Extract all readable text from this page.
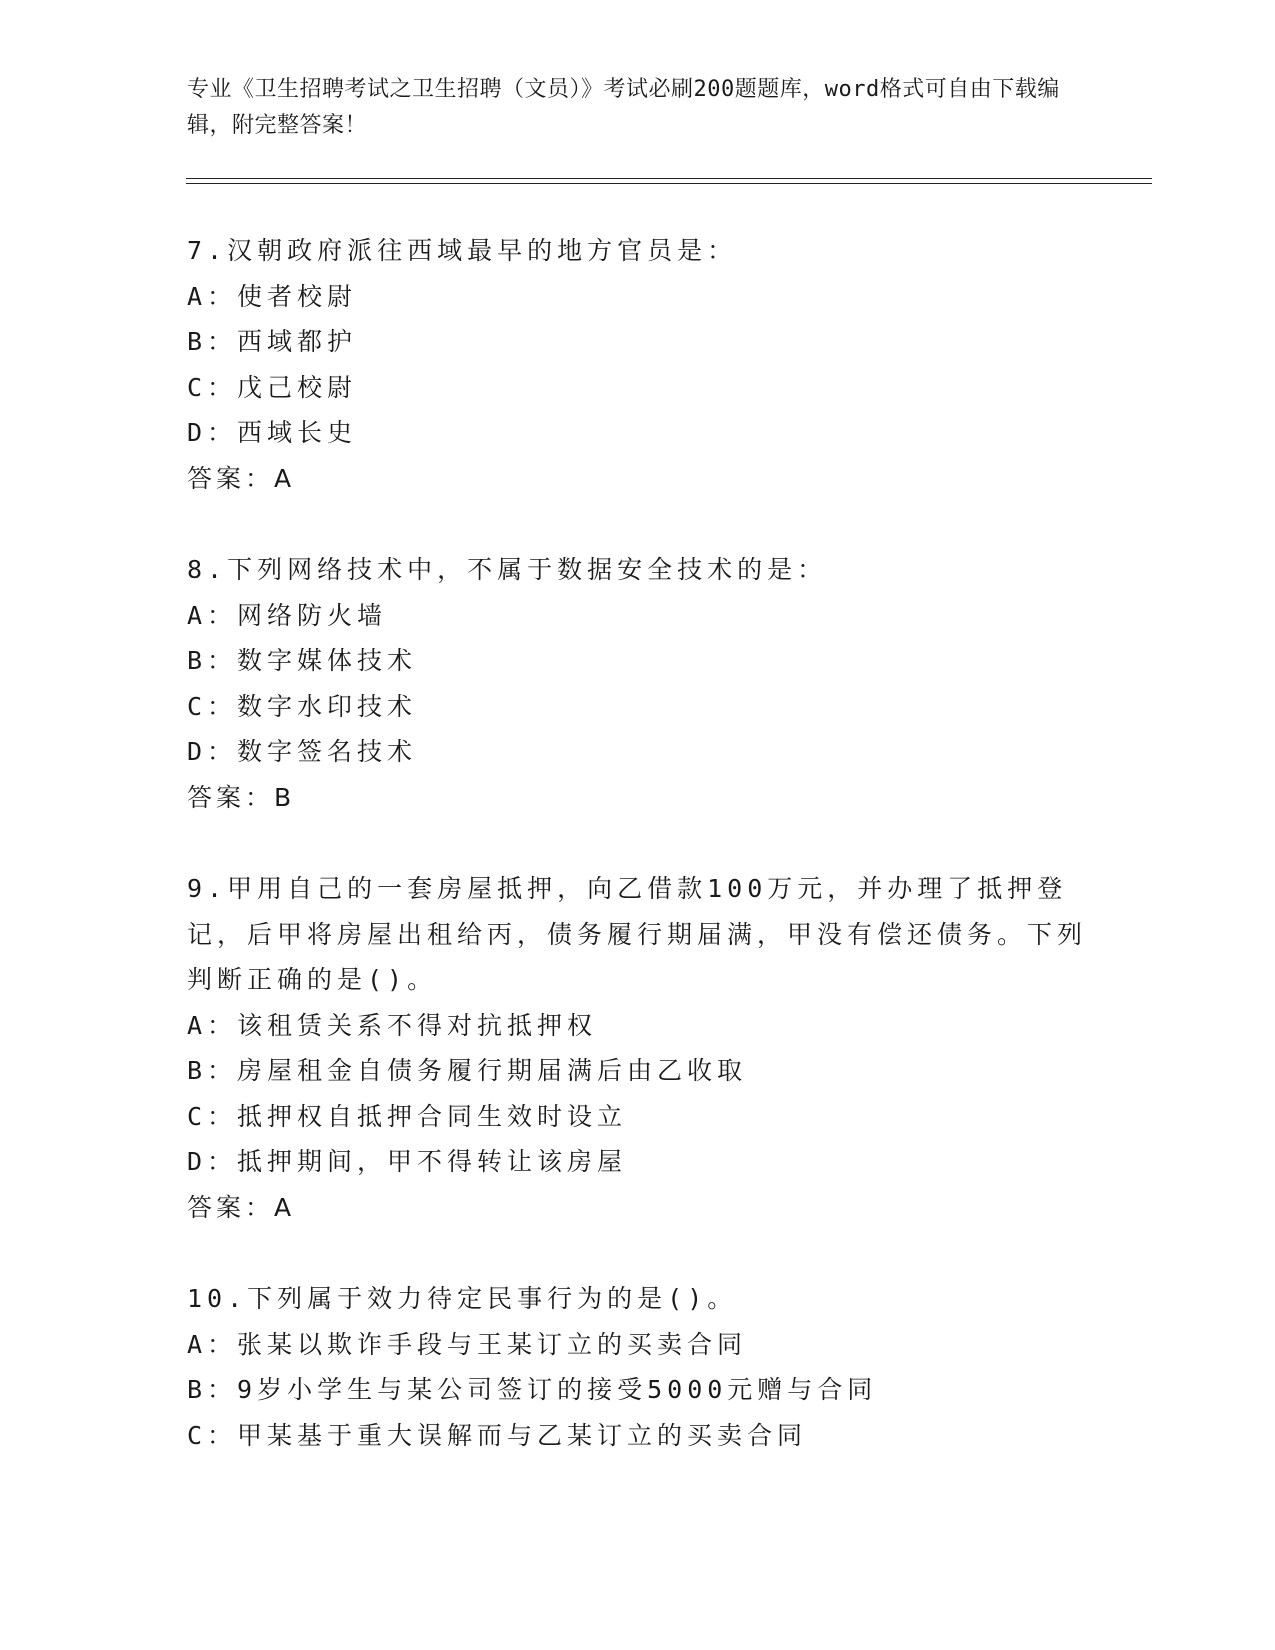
专业《卫生招聘考试之卫生招聘（文员）》考试必刷200题题库，word格式可自由下载编辑，附完整答案！

7.汉朝政府派往西域最早的地方官员是：

A：使者校尉

B：西域都护

C：戊己校尉

D：西域长史

答案：A

8.下列网络技术中，不属于数据安全技术的是：

A：网络防火墙

B：数字媒体技术

C：数字水印技术

D：数字签名技术

答案：B

9.甲用自己的一套房屋抵押，向乙借款100万元，并办理了抵押登记，后甲将房屋出租给丙，债务履行期届满，甲没有偿还债务。下列判断正确的是()。

A：该租赁关系不得对抗抵押权

B：房屋租金自债务履行期届满后由乙收取

C：抵押权自抵押合同生效时设立

D：抵押期间，甲不得转让该房屋

答案：A

10.下列属于效力待定民事行为的是()。

A：张某以欺诈手段与王某订立的买卖合同

B：9岁小学生与某公司签订的接受5000元赠与合同

C：甲某基于重大误解而与乙某订立的买卖合同
